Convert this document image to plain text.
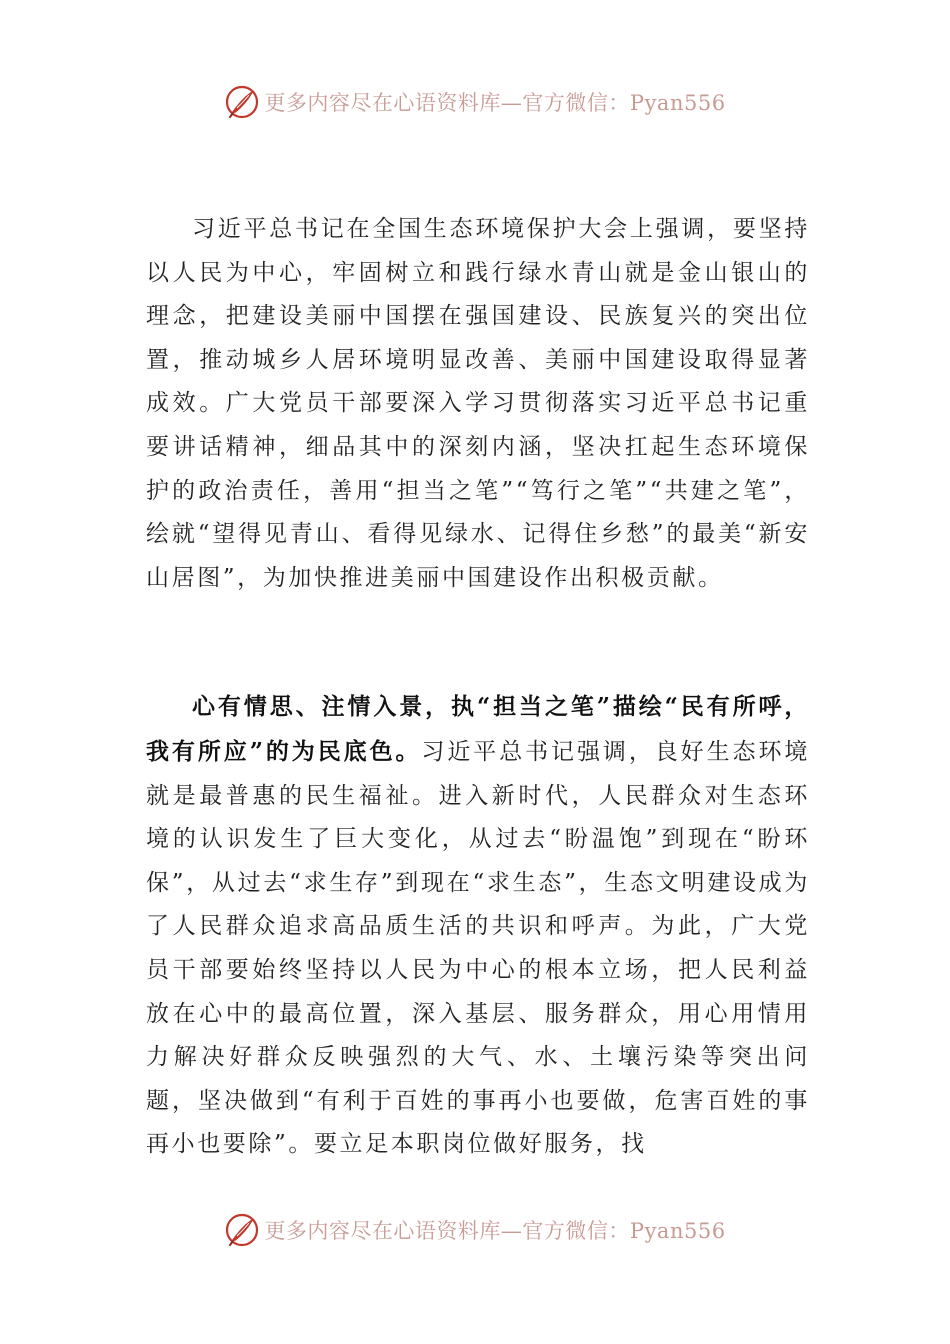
更多内容尽在心语资料库—官方微信：Pyan556

习近平总书记在全国生态环境保护大会上强调，要坚持以人民为中心，牢固树立和践行绿水青山就是金山银山的理念，把建设美丽中国摆在强国建设、民族复兴的突出位置，推动城乡人居环境明显改善、美丽中国建设取得显著成效。广大党员干部要深入学习贯彻落实习近平总书记重要讲话精神，细品其中的深刻内涵，坚决扛起生态环境保护的政治责任，善用“担当之笔”“笃行之笔”“共建之笔”，绘就“望得见青山、看得见绿水、记得住乡愁”的最美“新安山居图”，为加快推进美丽中国建设作出积极贡献。

心有情思、注情入景，执“担当之笔”描绘“民有所呼，我有所应”的为民底色。习近平总书记强调，良好生态环境就是最普惠的民生福祉。进入新时代，人民群众对生态环境的认识发生了巨大变化，从过去“盼温饱”到现在“盼环保”，从过去“求生存”到现在“求生态”，生态文明建设成为了人民群众追求高品质生活的共识和呼声。为此，广大党员干部要始终坚持以人民为中心的根本立场，把人民利益放在心中的最高位置，深入基层、服务群众，用心用情用力解决好群众反映强烈的大气、水、土壤污染等突出问题，坚决做到“有利于百姓的事再小也要做，危害百姓的事再小也要除”。要立足本职岗位做好服务，找

更多内容尽在心语资料库—官方微信：Pyan556
